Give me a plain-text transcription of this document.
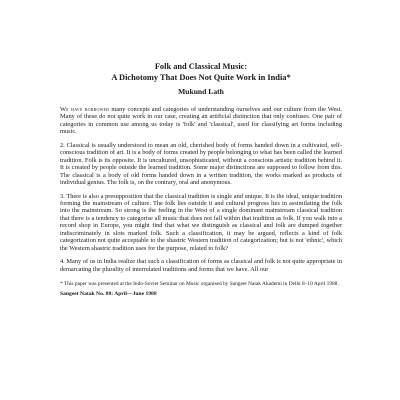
Folk and Classical Music:
A Dichotomy That Does Not Quite Work in India*

Mukund Lath

We have borrowed many concepts and categories of understanding ourselves and our culture from the West. Many of these do not quite work in our case, creating an artificial distinction that only confuses. One pair of categories in common use among us today is 'folk' and 'classical', used for classifying art forms including music.

2. Classical is usually understood to mean an old, cherished body of forms handed down in a cultivated, self-conscious tradition of art. It is a body of forms created by people belonging to what has been called the learned tradition. Folk is its opposite. It is uncultured, unsophisticated, without a conscious artistic tradition behind it. It is created by people outside the learned tradition. Some major distinctions are supposed to follow from this. The classical is a body of old forms handed down in a written tradition, the works marked as products of individual genius. The folk is, on the contrary, oral and anonymous.

3. There is also a presupposition that the classical tradition is single and unique. It is the ideal, unique tradition forming the mainstream of culture. The folk lies outside it and cultural progress lies in assimilating the folk into the mainstream. So strong is the feeling in the West of a single dominant mainstream classical tradition that there is a tendency to categorise all music that does not fall within that tradition as folk. If you walk into a record shop in Europe, you might find that what we distinguish as classical and folk are dumped together indiscriminately in slots marked folk. Such a classification, it may be argued, reflects a kind of folk categorization not quite acceptable to the shastric Western tradition of categorization; but is not 'ethnic', which the Western shastric tradition uses for the purpose, related to folk?

4. Many of us in India realize that such a classification of forms as classical and folk is not quite appropriate in demarcating the plurality of interrelated traditions and forms that we have. All our

* This paper was presented at the Indo-Soviet Seminar on Music organised by Sangeet Natak Akademi in Delhi 8–10 April 1988.

Sangeet Natak No. 88: April—June 1988
